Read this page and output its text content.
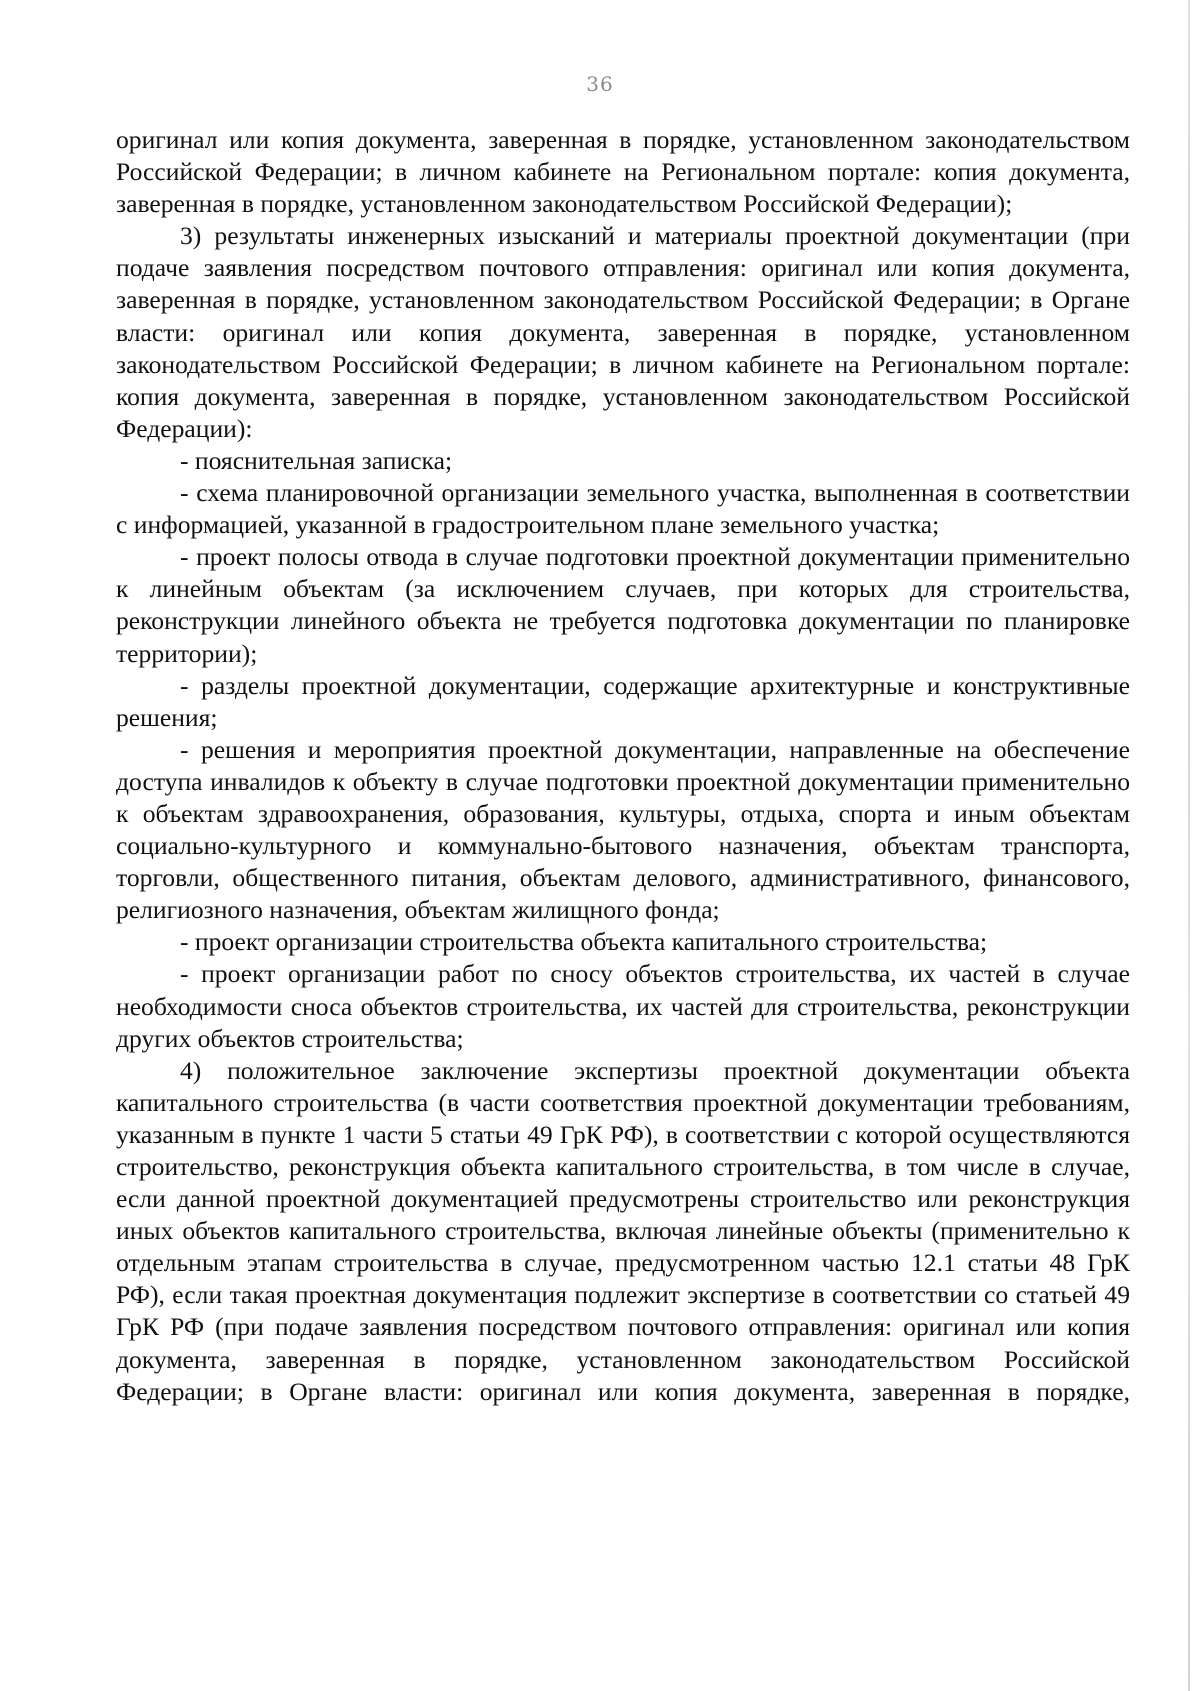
36

оригинал или копия документа, заверенная в порядке, установленном законодательством Российской Федерации; в личном кабинете на Региональном портале: копия документа, заверенная в порядке, установленном законодательством Российской Федерации);

3) результаты инженерных изысканий и материалы проектной документации (при подаче заявления посредством почтового отправления: оригинал или копия документа, заверенная в порядке, установленном законодательством Российской Федерации; в Органе власти: оригинал или копия документа, заверенная в порядке, установленном законодательством Российской Федерации; в личном кабинете на Региональном портале: копия документа, заверенная в порядке, установленном законодательством Российской Федерации):

- пояснительная записка;

- схема планировочной организации земельного участка, выполненная в соответствии с информацией, указанной в градостроительном плане земельного участка;

- проект полосы отвода в случае подготовки проектной документации применительно к линейным объектам (за исключением случаев, при которых для строительства, реконструкции линейного объекта не требуется подготовка документации по планировке территории);

- разделы проектной документации, содержащие архитектурные и конструктивные решения;

- решения и мероприятия проектной документации, направленные на обеспечение доступа инвалидов к объекту в случае подготовки проектной документации применительно к объектам здравоохранения, образования, культуры, отдыха, спорта и иным объектам социально-культурного и коммунально-бытового назначения, объектам транспорта, торговли, общественного питания, объектам делового, административного, финансового, религиозного назначения, объектам жилищного фонда;

- проект организации строительства объекта капитального строительства;

- проект организации работ по сносу объектов строительства, их частей в случае необходимости сноса объектов строительства, их частей для строительства, реконструкции других объектов строительства;

4) положительное заключение экспертизы проектной документации объекта капитального строительства (в части соответствия проектной документации требованиям, указанным в пункте 1 части 5 статьи 49 ГрК РФ), в соответствии с которой осуществляются строительство, реконструкция объекта капитального строительства, в том числе в случае, если данной проектной документацией предусмотрены строительство или реконструкция иных объектов капитального строительства, включая линейные объекты (применительно к отдельным этапам строительства в случае, предусмотренном частью 12.1 статьи 48 ГрК РФ), если такая проектная документация подлежит экспертизе в соответствии со статьей 49 ГрК РФ (при подаче заявления посредством почтового отправления: оригинал или копия документа, заверенная в порядке, установленном законодательством Российской Федерации; в Органе власти: оригинал или копия документа, заверенная в порядке,
